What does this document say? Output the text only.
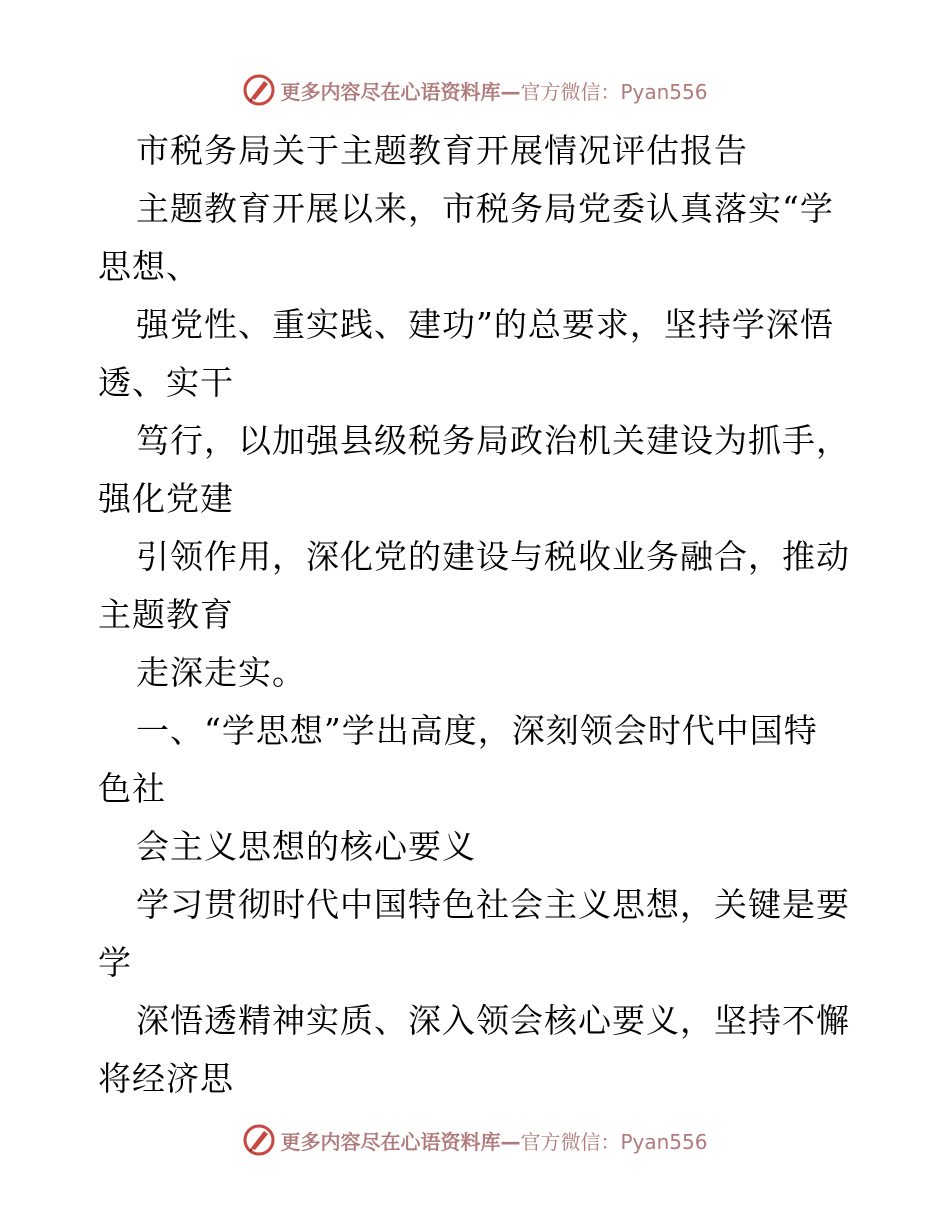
更多内容尽在心语资料库— 官方微信：Pyan556
市税务局关于主题教育开展情况评估报告
主题教育开展以来，市税务局党委认真落实“学
思想、
强党性、重实践、建功”的总要求，坚持学深悟
透、实干
笃行，以加强县级税务局政治机关建设为抓手，
强化党建
引领作用，深化党的建设与税收业务融合，推动
主题教育
走深走实。
一、“学思想”学出高度，深刻领会时代中国特
色社
会主义思想的核心要义
学习贯彻时代中国特色社会主义思想，关键是要
学
深悟透精神实质、深入领会核心要义，坚持不懈
将经济思
更多内容尽在心语资料库— 官方微信：Pyan556
